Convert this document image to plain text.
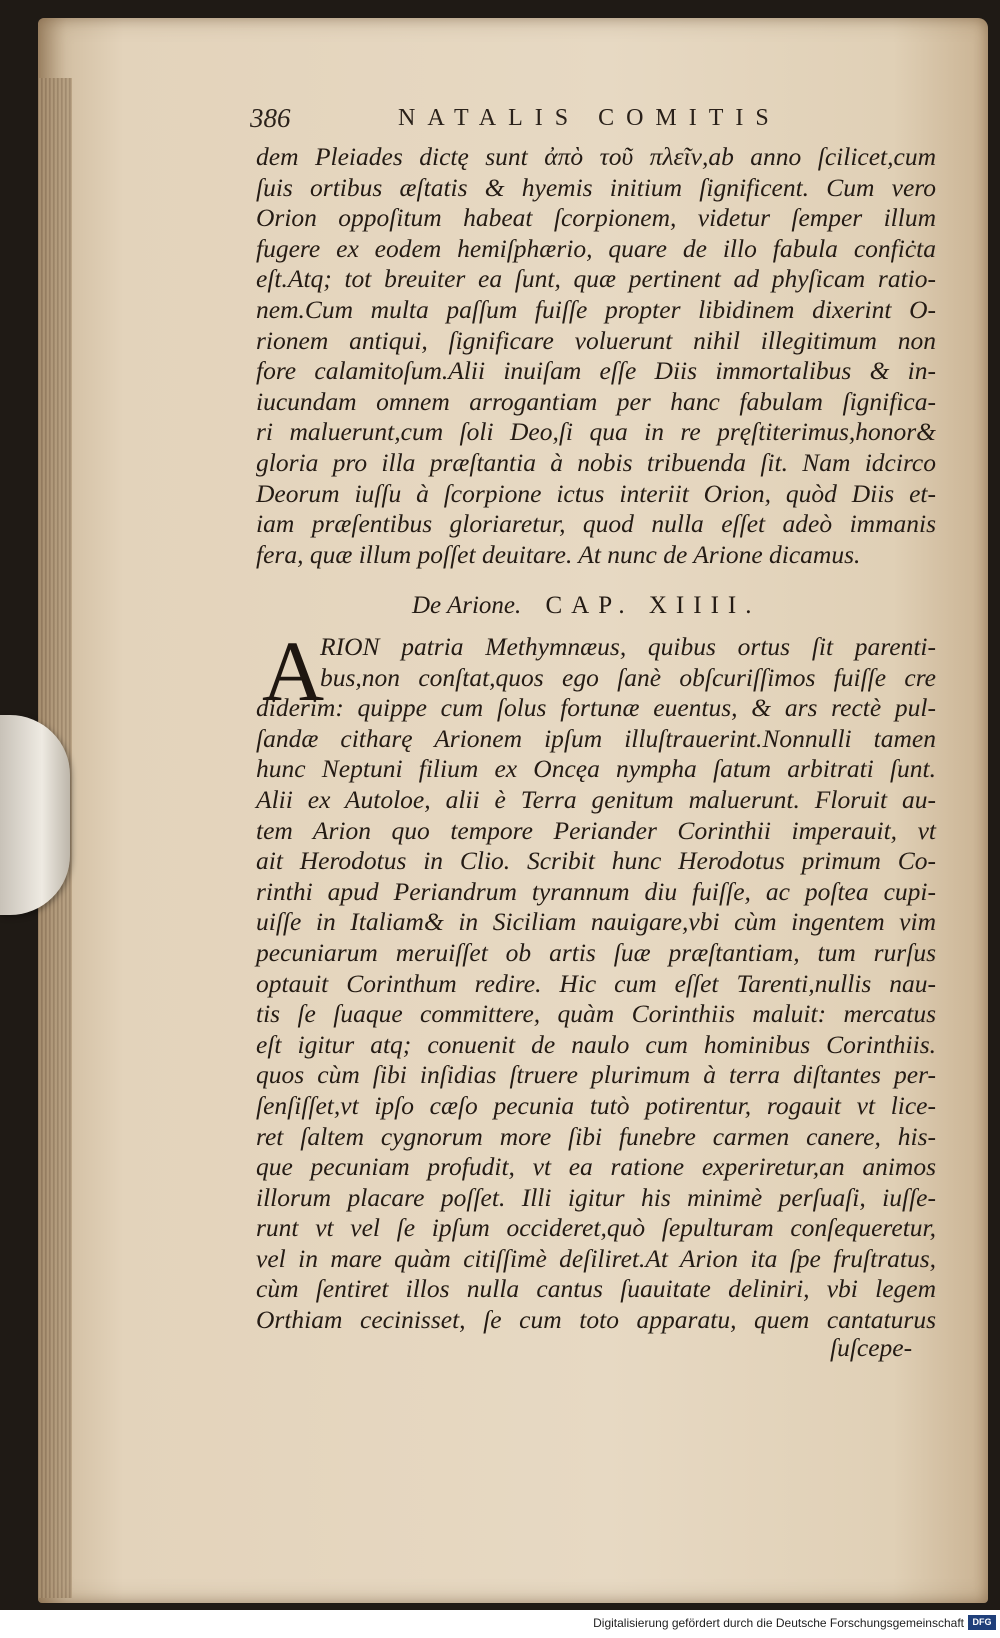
386	NATALIS COMITIS
dem Pleiades dictę sunt ἀπὸ τοῦ πλεῖν,ab anno ſcilicet,cum
ſuis ortibus æſtatis & hyemis initium ſignificent. Cum vero
Orion oppoſitum habeat ſcorpionem, videtur ſemper illum
fugere ex eodem hemiſphærio, quare de illo fabula confiċta
eſt.Atq; tot breuiter ea ſunt, quæ pertinent ad phyſicam ratio-
nem.Cum multa paſſum fuiſſe propter libidinem dixerint O-
rionem antiqui, ſignificare voluerunt nihil illegitimum non
fore calamitoſum.Alii inuiſam eſſe Diis immortalibus & in-
iucundam omnem arrogantiam per hanc fabulam ſignifica-
ri maluerunt,cum ſoli Deo,ſi qua in re pręſtiterimus,honor&
gloria pro illa præſtantia à nobis tribuenda ſit. Nam idcirco
Deorum iuſſu à ſcorpione ictus interiit Orion, quòd Diis et-
iam præſentibus gloriaretur, quod nulla eſſet adeò immanis
fera, quæ illum poſſet deuitare. At nunc de Arione dicamus.
De Arione. CAP. XIIII.
A
RION patria Methymnæus, quibus ortus ſit parenti-
bus,non conſtat,quos ego ſanè obſcuriſſimos fuiſſe cre
diderim: quippe cum ſolus fortunæ euentus, & ars rectè pul-
ſandæ citharę Arionem ipſum illuſtrauerint.Nonnulli tamen
hunc Neptuni filium ex Oncęa nympha ſatum arbitrati ſunt.
Alii ex Autoloe, alii è Terra genitum maluerunt. Floruit au-
tem Arion quo tempore Periander Corinthii imperauit, vt
ait Herodotus in Clio. Scribit hunc Herodotus primum Co-
rinthi apud Periandrum tyrannum diu fuiſſe, ac poſtea cupi-
uiſſe in Italiam& in Siciliam nauigare,vbi cùm ingentem vim
pecuniarum meruiſſet ob artis ſuæ præſtantiam, tum rurſus
optauit Corinthum redire. Hic cum eſſet Tarenti,nullis nau-
tis ſe ſuaque committere, quàm Corinthiis maluit: mercatus
eſt igitur atq; conuenit de naulo cum hominibus Corinthiis.
quos cùm ſibi inſidias ſtruere plurimum à terra diſtantes per-
ſenſiſſet,vt ipſo cæſo pecunia tutò potirentur, rogauit vt lice-
ret ſaltem cygnorum more ſibi funebre carmen canere, his-
que pecuniam profudit, vt ea ratione experiretur,an animos
illorum placare poſſet. Illi igitur his minimè perſuaſi, iuſſe-
runt vt vel ſe ipſum occideret,quò ſepulturam conſequeretur,
vel in mare quàm citiſſimè deſiliret.At Arion ita ſpe fruſtratus,
cùm ſentiret illos nulla cantus ſuauitate deliniri, vbi legem
Orthiam cecinisset, ſe cum toto apparatu, quem cantaturus
ſuſcepe-
Digitalisierung gefördert durch die Deutsche Forschungsgemeinschaft DFG
